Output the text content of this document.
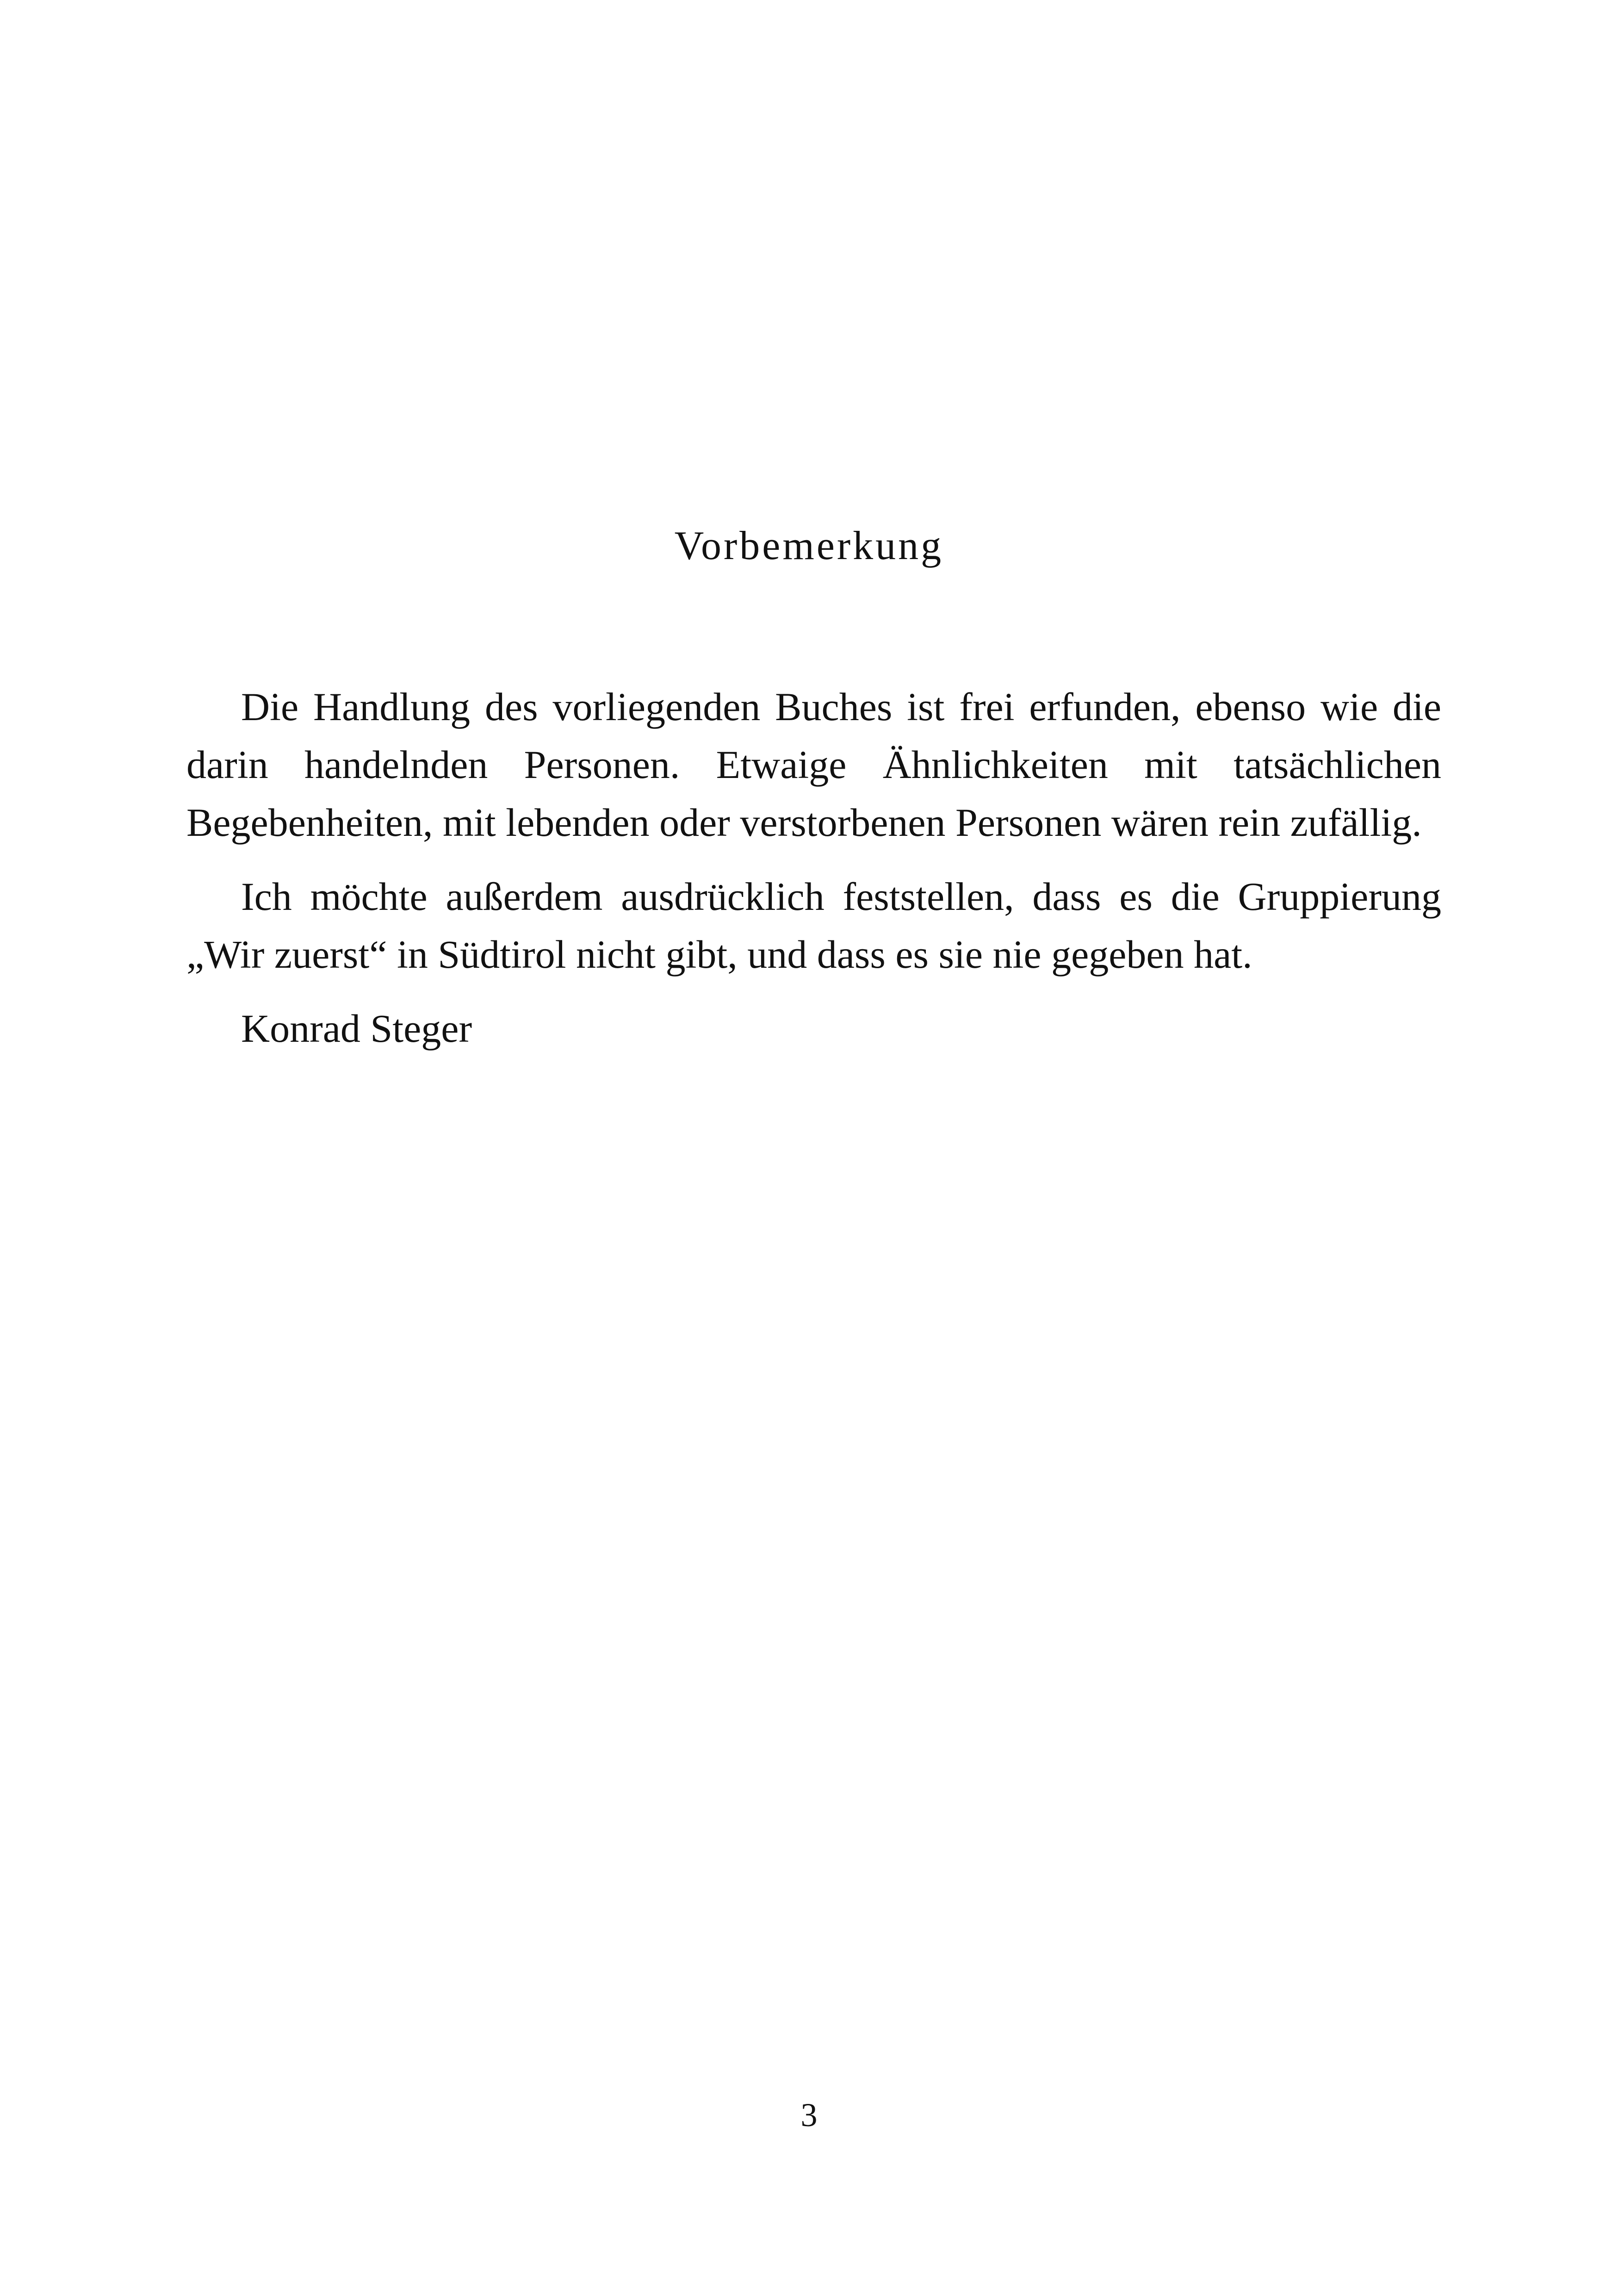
Vorbemerkung

Die Handlung des vorliegenden Buches ist frei erfunden, ebenso wie die darin handelnden Personen. Etwaige Ähnlichkeiten mit tatsächlichen Begebenheiten, mit lebenden oder verstorbenen Personen wären rein zufällig.

Ich möchte außerdem ausdrücklich feststellen, dass es die Gruppierung „Wir zuerst“ in Südtirol nicht gibt, und dass es sie nie gegeben hat.

Konrad Steger

3
